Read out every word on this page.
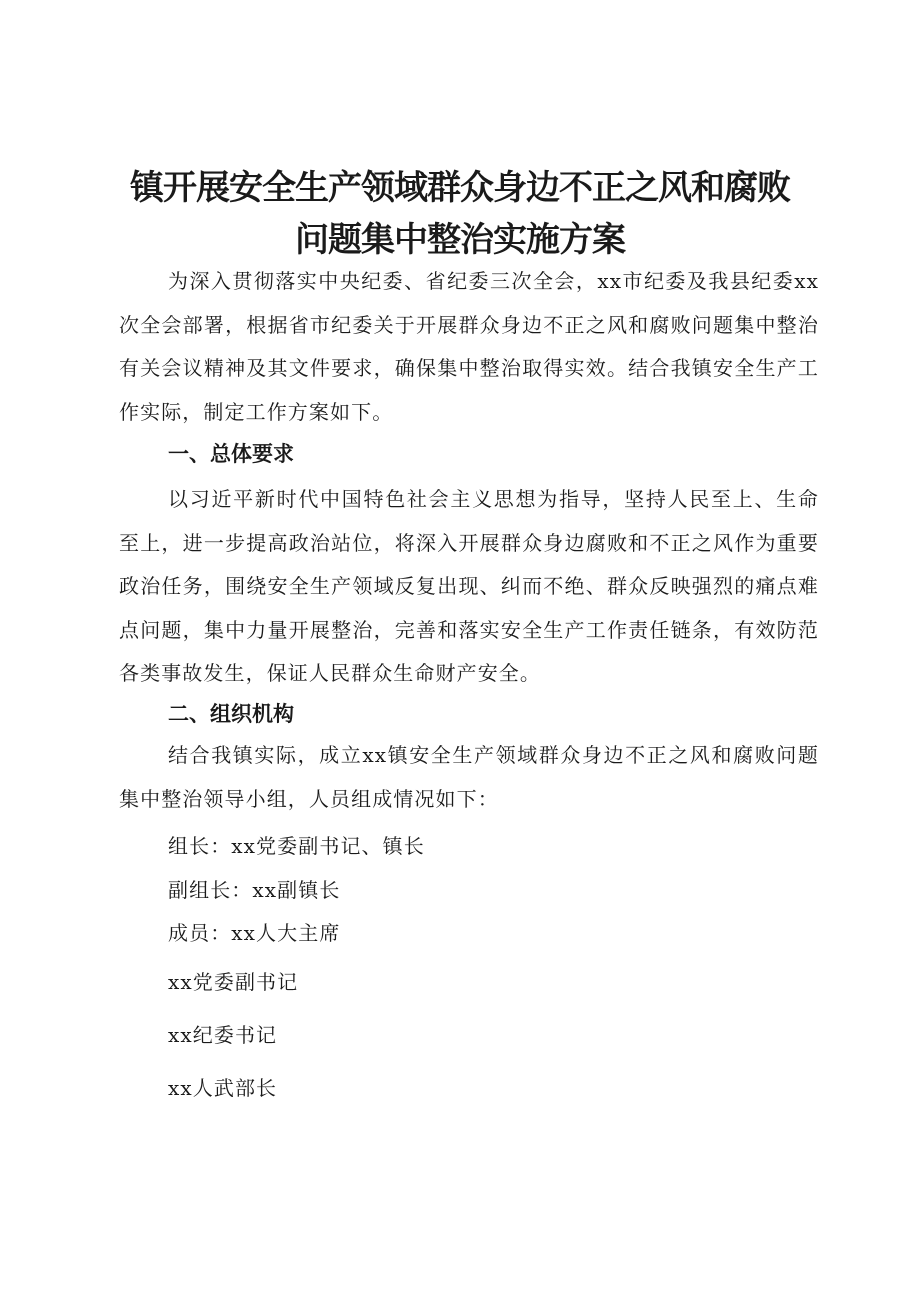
镇开展安全生产领域群众身边不正之风和腐败
问题集中整治实施方案

为深入贯彻落实中央纪委、省纪委三次全会，xx市纪委及我县纪委xx次全会部署，根据省市纪委关于开展群众身边不正之风和腐败问题集中整治有关会议精神及其文件要求，确保集中整治取得实效。结合我镇安全生产工作实际，制定工作方案如下。

一、总体要求

以习近平新时代中国特色社会主义思想为指导，坚持人民至上、生命至上，进一步提高政治站位，将深入开展群众身边腐败和不正之风作为重要政治任务，围绕安全生产领域反复出现、纠而不绝、群众反映强烈的痛点难点问题，集中力量开展整治，完善和落实安全生产工作责任链条，有效防范各类事故发生，保证人民群众生命财产安全。

二、组织机构

结合我镇实际，成立xx镇安全生产领域群众身边不正之风和腐败问题集中整治领导小组，人员组成情况如下：

组长：xx党委副书记、镇长

副组长：xx副镇长

成员：xx人大主席

xx党委副书记

xx纪委书记

xx人武部长
